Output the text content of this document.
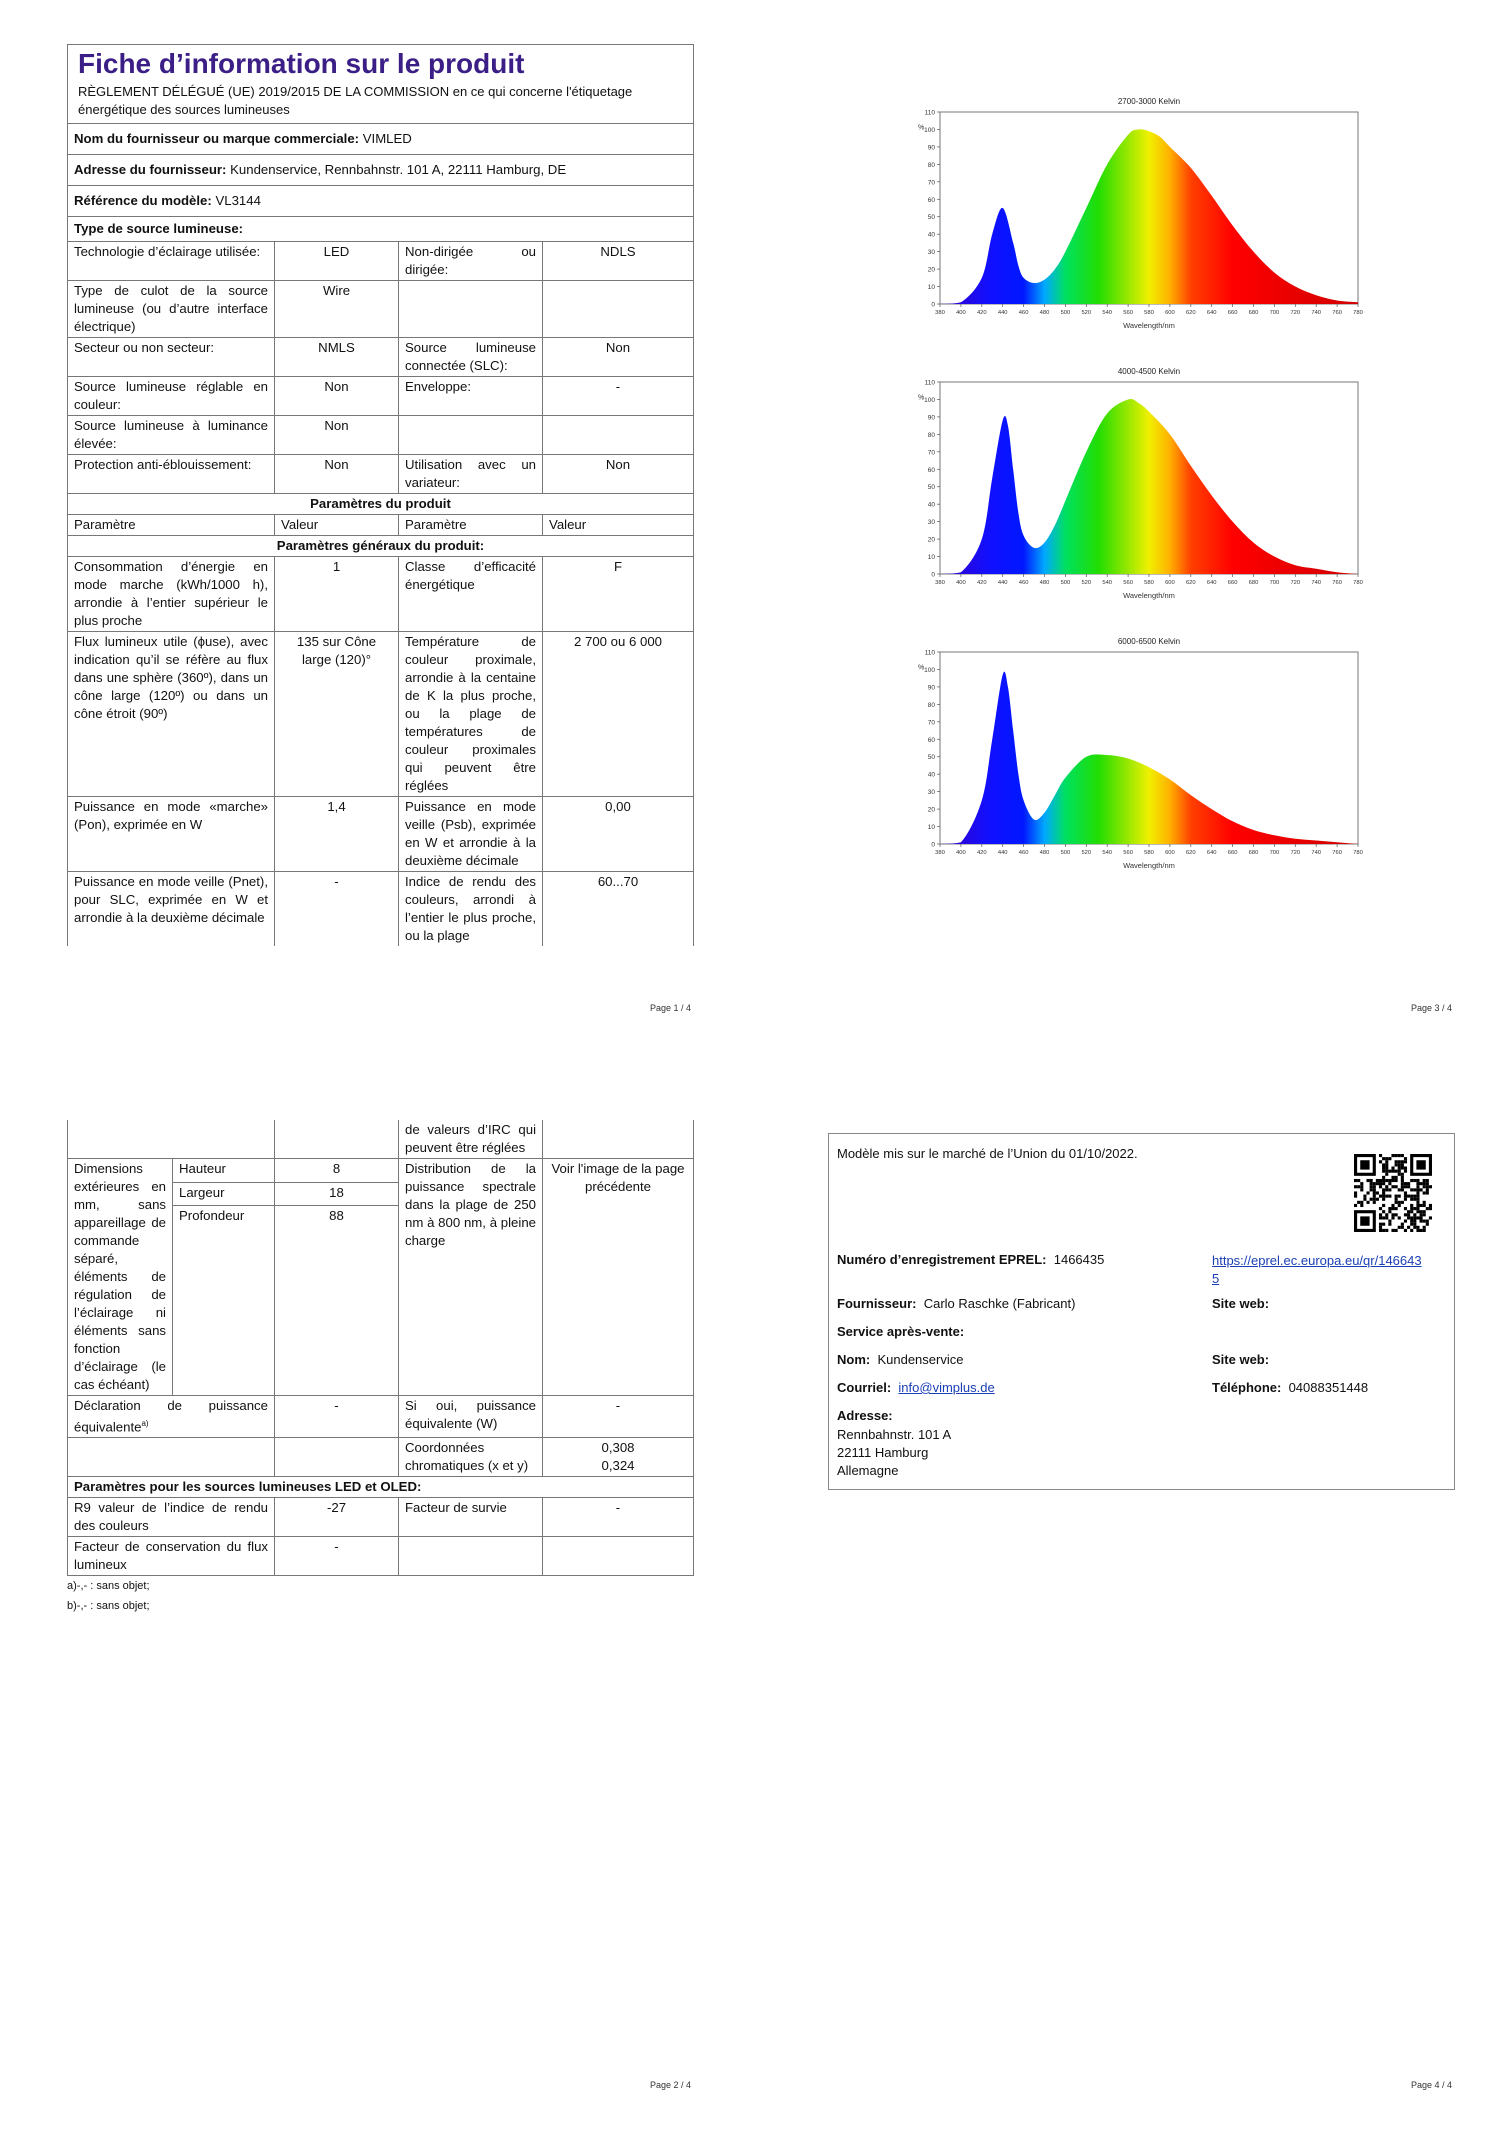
Fiche d’information sur le produit
RÈGLEMENT DÉLÉGUÉ (UE) 2019/2015 DE LA COMMISSION en ce qui concerne l'étiquetage énergétique des sources lumineuses			

Nom du fournisseur ou marque commerciale: VIMLED			
Adresse du fournisseur: Kundenservice, Rennbahnstr. 101 A, 22111 Hamburg, DE			
Référence du modèle: VL3144			
Type de source lumineuse:			
Technologie d’éclairage utilisée:	LED	Non-dirigée ou dirigée:	NDLS
Type de culot de la source lumineuse (ou d’autre interface électrique)	Wire		
Secteur ou non secteur:	NMLS	Source lumineuse connectée (SLC):	Non
Source lumineuse réglable en couleur:	Non	Enveloppe:	-
Source lumineuse à luminance élevée:	Non		
Protection anti-éblouissement:	Non	Utilisation avec un variateur:	Non
Paramètres du produit			
Paramètre	Valeur	Paramètre	Valeur
Paramètres généraux du produit:			
Consommation d’énergie en mode marche (kWh/1000 h), arrondie à l’entier supérieur le plus proche	1	Classe d’efficacité énergétique	F
Flux lumineux utile (ϕuse), avec indication qu’il se réfère au flux dans une sphère (360º), dans un cône large (120º) ou dans un cône étroit (90º)	135 sur Cône large (120)°	Température de couleur proximale, arrondie à la centaine de K la plus proche, ou la plage de températures de couleur proximales qui peuvent être réglées	2 700 ou 6 000
Puissance en mode «marche» (Pon), exprimée en W	1,4	Puissance en mode veille (Psb), exprimée en W et arrondie à la deuxième décimale	0,00
Puissance en mode veille (Pnet), pour SLC, exprimée en W et arrondie à la deuxième décimale	-	Indice de rendu des couleurs, arrondi à l’entier le plus proche, ou la plage	60...70
Page 1 / 4
2700-3000 Kelvin
0
10
20
30
40
50
60
70
80
90
100
110
%
380 400 420 440 460 480 500 520 540 560 580 600 620 640 660 680 700 720 740 760 780
Wavelength/nm
4000-4500 Kelvin
0
10
20
30
40
50
60
70
80
90
100
110
%
380 400 420 440 460 480 500 520 540 560 580 600 620 640 660 680 700 720 740 760 780
Wavelength/nm
6000-6500 Kelvin
0
10
20
30
40
50
60
70
80
90
100
110
%
380 400 420 440 460 480 500 520 540 560 580 600 620 640 660 680 700 720 740 760 780
Wavelength/nm
Page 3 / 4
			de valeurs d’IRC qui peuvent être réglées	
Dimensions extérieures en mm, sans appareillage de commande séparé, éléments de régulation de l’éclairage ni éléments sans fonction d’éclairage (le cas échéant)	Hauteur	8	Distribution de la puissance spectrale dans la plage de 250 nm à 800 nm, à pleine charge	Voir l'image de la page précédente
	Largeur	18		
	Profondeur	88		
Déclaration de puissance équivalente$^{a)}$		-	Si oui, puissance équivalente (W)	-
			Coordonnées chromatiques (x et y)	0,308
0,324

Paramètres pour les sources lumineuses LED et OLED:				
R9 valeur de l’indice de rendu des couleurs		-27	Facteur de survie	-
Facteur de conservation du flux lumineux		-		
a)-,- : sans objet;
b)-,- : sans objet;
Page 2 / 4
Modèle mis sur le marché de l’Union du 01/10/2022.
Numéro d’enregistrement EPREL: 1466435	https://eprel.ec.europa.eu/qr/1466435
Fournisseur: Carlo Raschke (Fabricant)	Site web:
Service après-vente:
Nom: Kundenservice	Site web:
Courriel: info@vimplus.de	Téléphone: 04088351448
Adresse:
Rennbahnstr. 101 A
22111 Hamburg
Allemagne
Page 4 / 4
